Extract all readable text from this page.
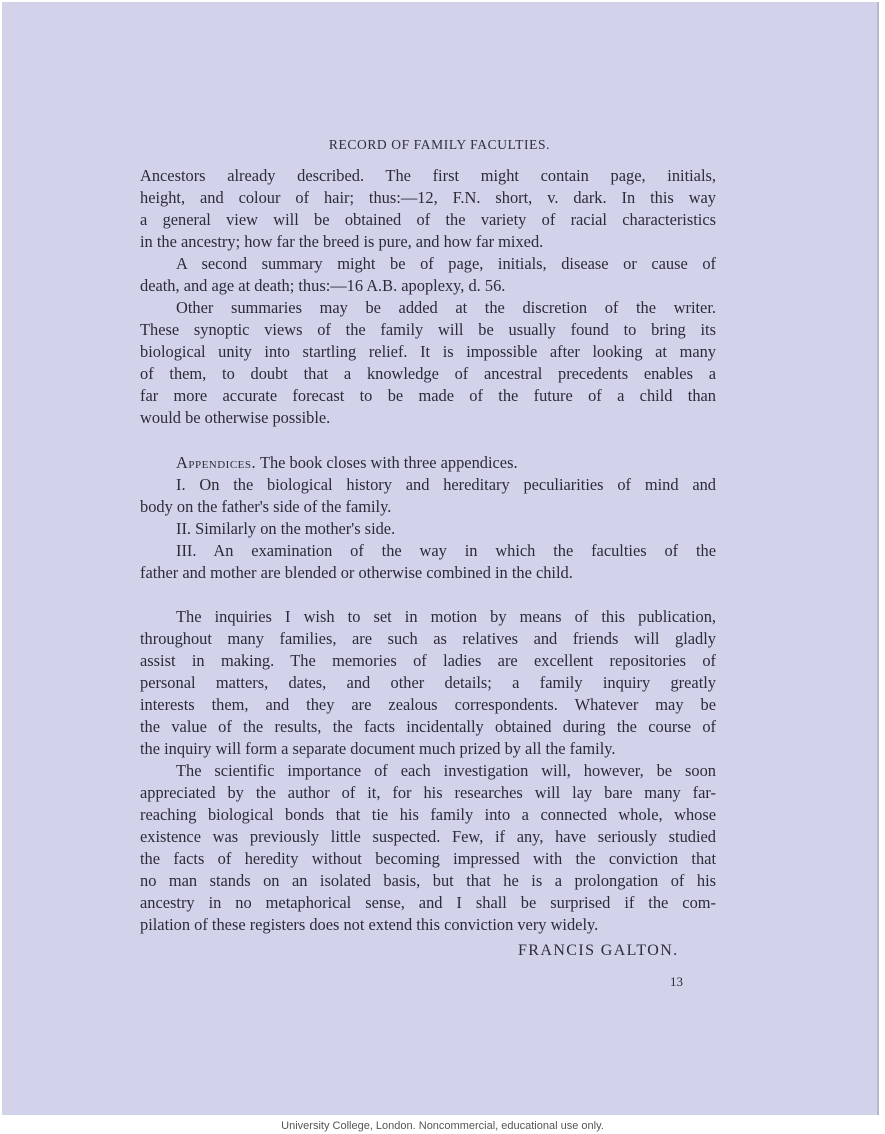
RECORD OF FAMILY FACULTIES.
Ancestors already described. The first might contain page, initials,
height, and colour of hair; thus:—12, F.N. short, v. dark. In this way
a general view will be obtained of the variety of racial characteristics
in the ancestry; how far the breed is pure, and how far mixed.
A second summary might be of page, initials, disease or cause of
death, and age at death; thus:—16 A.B. apoplexy, d. 56.
Other summaries may be added at the discretion of the writer.
These synoptic views of the family will be usually found to bring its
biological unity into startling relief. It is impossible after looking at many
of them, to doubt that a knowledge of ancestral precedents enables a
far more accurate forecast to be made of the future of a child than
would be otherwise possible.
Appendices. The book closes with three appendices.
I. On the biological history and hereditary peculiarities of mind and
body on the father's side of the family.
II. Similarly on the mother's side.
III. An examination of the way in which the faculties of the
father and mother are blended or otherwise combined in the child.
The inquiries I wish to set in motion by means of this publication,
throughout many families, are such as relatives and friends will gladly
assist in making. The memories of ladies are excellent repositories of
personal matters, dates, and other details; a family inquiry greatly
interests them, and they are zealous correspondents. Whatever may be
the value of the results, the facts incidentally obtained during the course of
the inquiry will form a separate document much prized by all the family.
The scientific importance of each investigation will, however, be soon
appreciated by the author of it, for his researches will lay bare many far-
reaching biological bonds that tie his family into a connected whole, whose
existence was previously little suspected. Few, if any, have seriously studied
the facts of heredity without becoming impressed with the conviction that
no man stands on an isolated basis, but that he is a prolongation of his
ancestry in no metaphorical sense, and I shall be surprised if the com-
pilation of these registers does not extend this conviction very widely.
FRANCIS GALTON.
13
University College, London. Noncommercial, educational use only.
